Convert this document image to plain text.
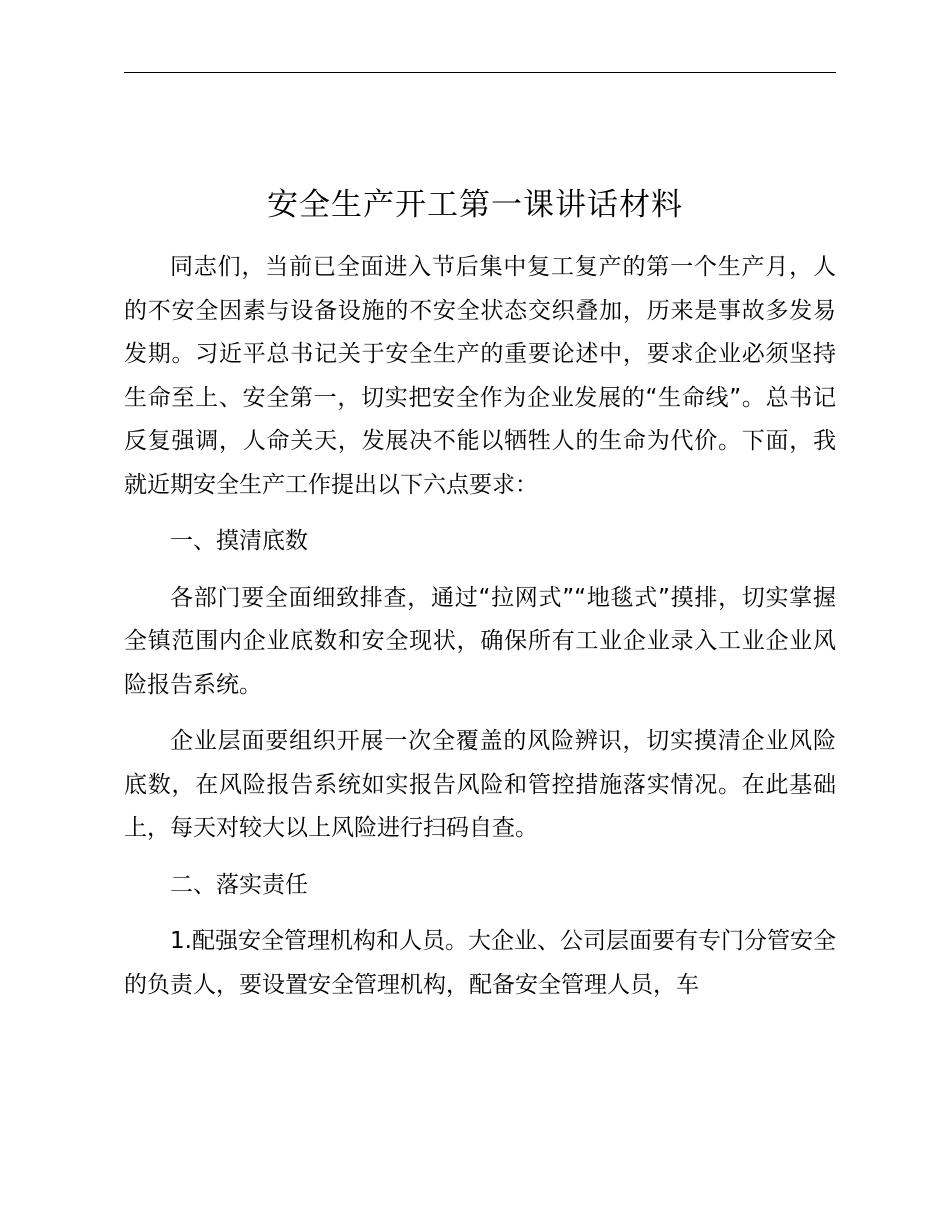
安全生产开工第一课讲话材料

同志们，当前已全面进入节后集中复工复产的第一个生产月，人的不安全因素与设备设施的不安全状态交织叠加，历来是事故多发易发期。习近平总书记关于安全生产的重要论述中，要求企业必须坚持生命至上、安全第一，切实把安全作为企业发展的“生命线”。总书记反复强调，人命关天，发展决不能以牺牲人的生命为代价。下面，我就近期安全生产工作提出以下六点要求：

一、摸清底数

各部门要全面细致排查，通过“拉网式”“地毯式”摸排，切实掌握全镇范围内企业底数和安全现状，确保所有工业企业录入工业企业风险报告系统。

企业层面要组织开展一次全覆盖的风险辨识，切实摸清企业风险底数，在风险报告系统如实报告风险和管控措施落实情况。在此基础上，每天对较大以上风险进行扫码自查。

二、落实责任

1.配强安全管理机构和人员。大企业、公司层面要有专门分管安全的负责人，要设置安全管理机构，配备安全管理人员，车
